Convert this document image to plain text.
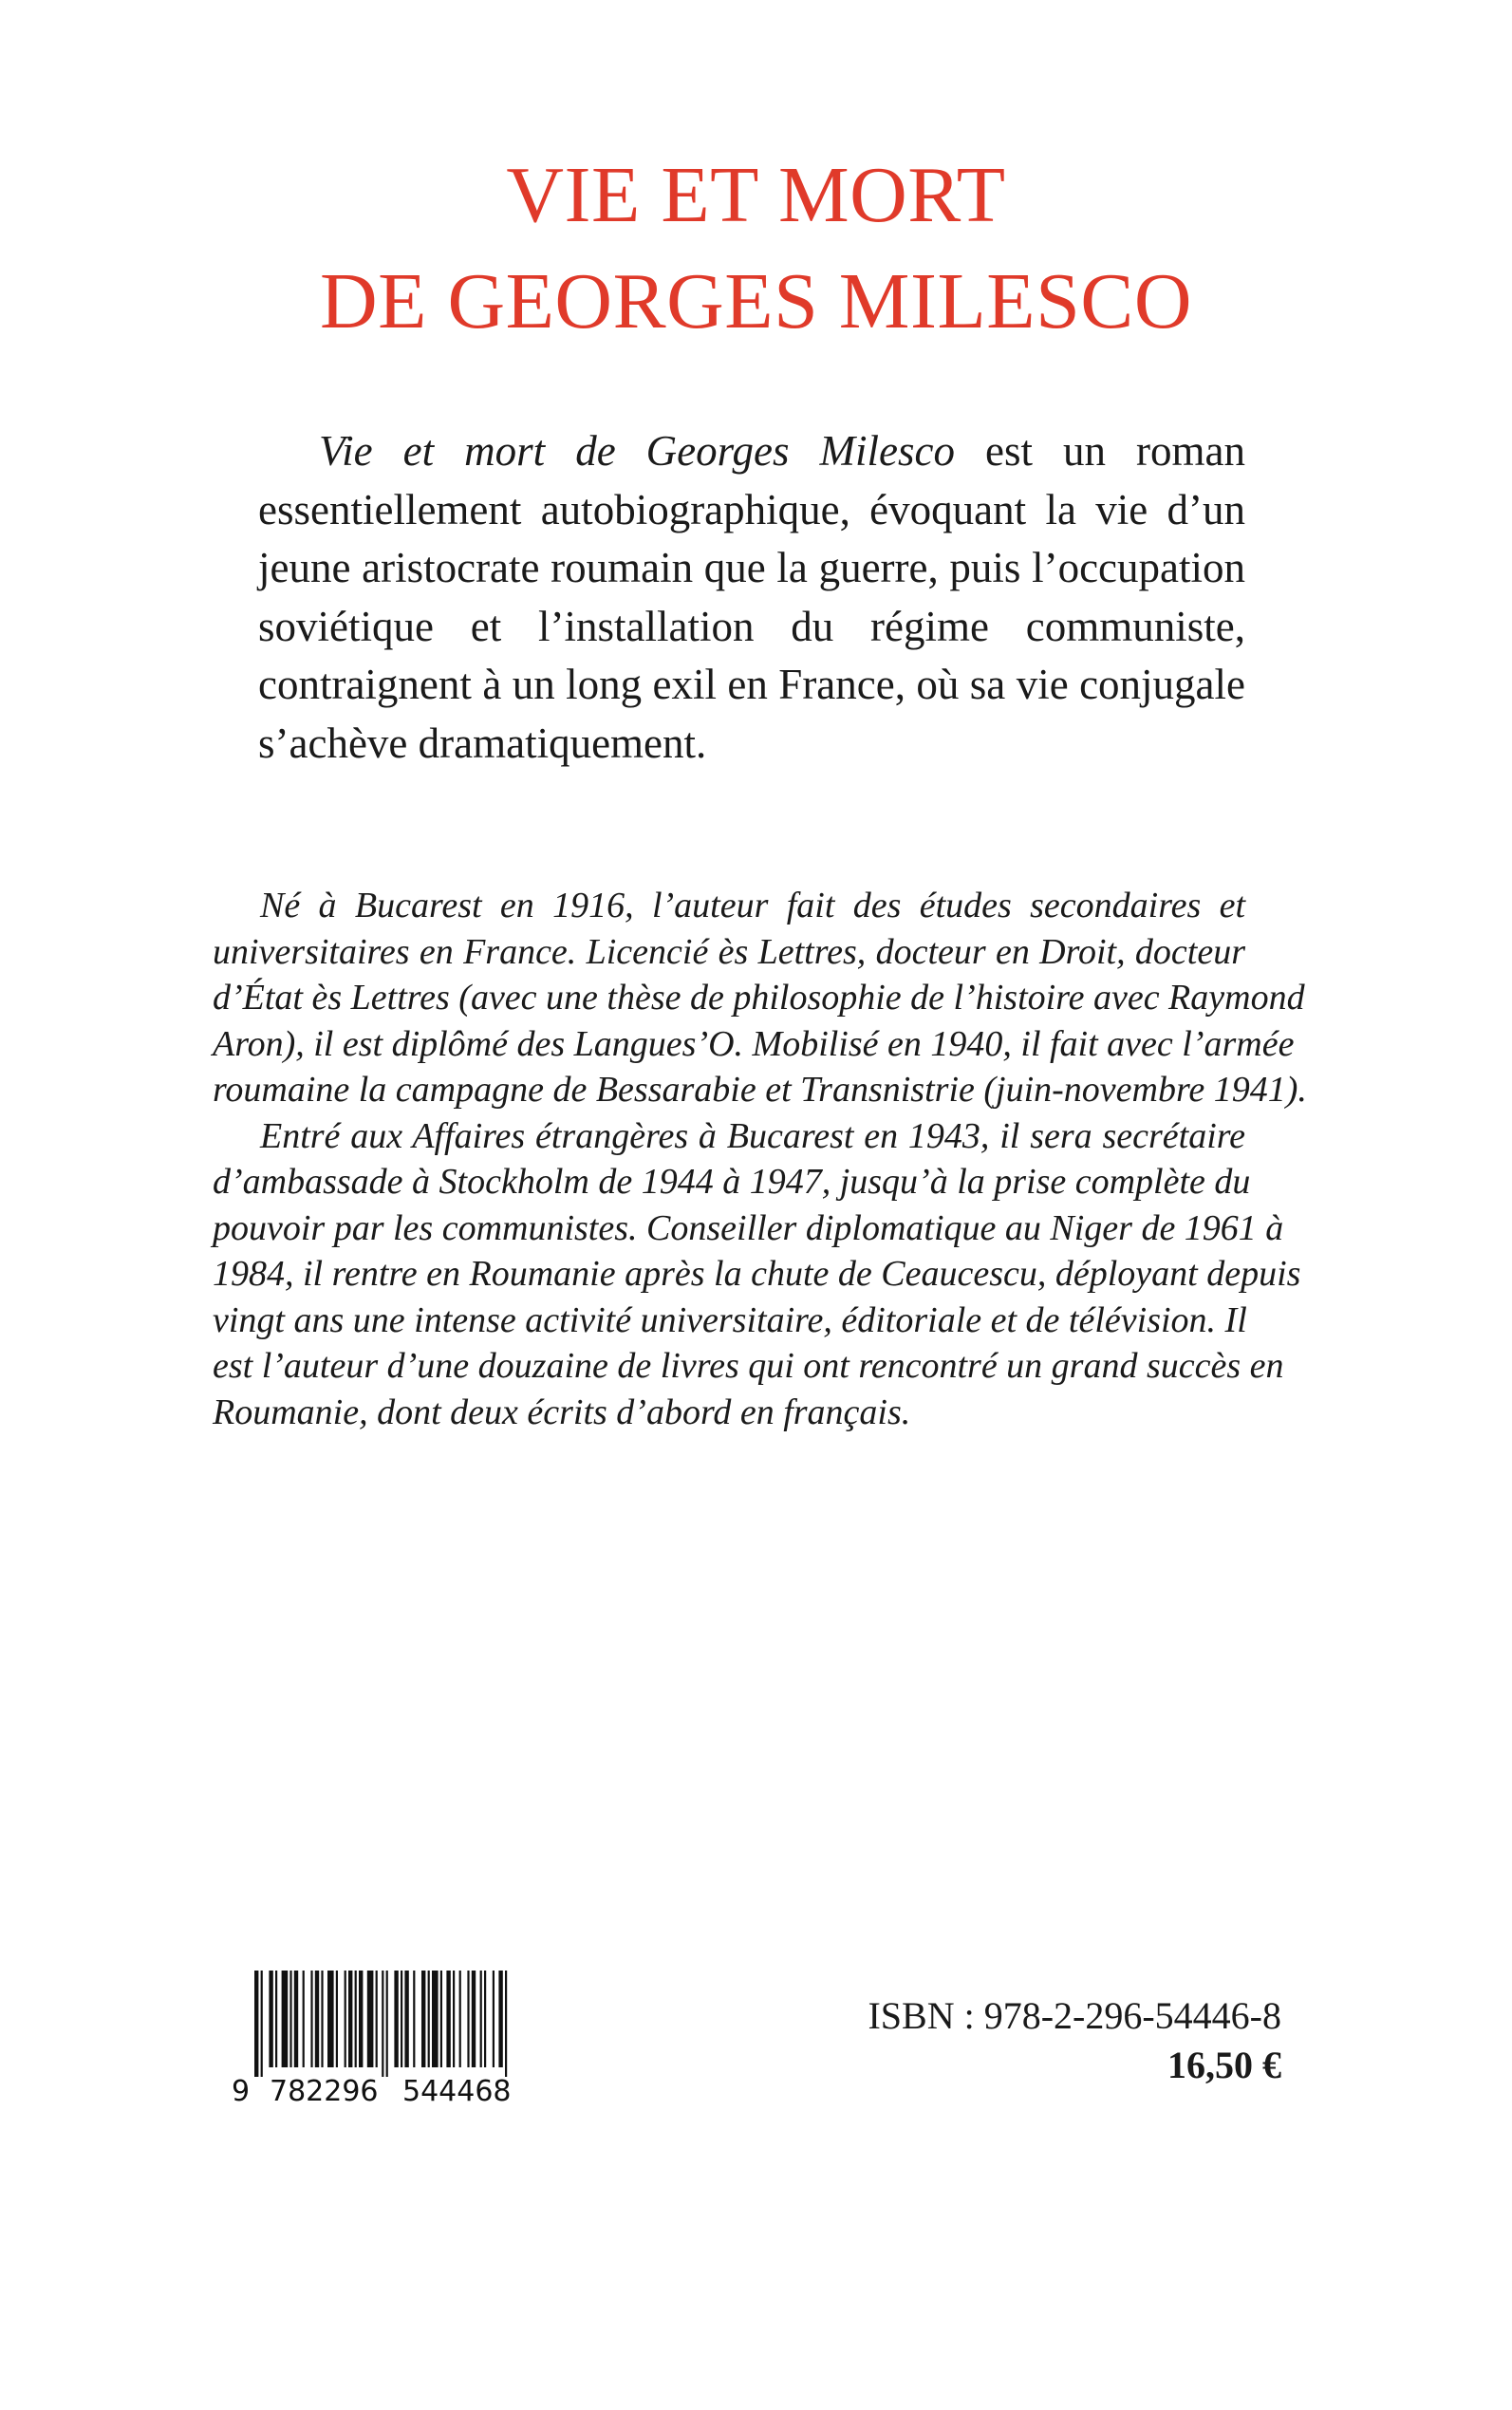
VIE ET MORT
DE GEORGES MILESCO
Vie et mort de Georges Milesco est un roman
essentiellement autobiographique, évoquant la vie d’un
jeune aristocrate roumain que la guerre, puis l’occupation
soviétique et l’installation du régime communiste,
contraignent à un long exil en France, où sa vie conjugale
s’achève dramatiquement.
Né à Bucarest en 1916, l’auteur fait des études secondaires et
universitaires en France. Licencié ès Lettres, docteur en Droit, docteur
d’État ès Lettres (avec une thèse de philosophie de l’histoire avec Raymond
Aron), il est diplômé des Langues’O. Mobilisé en 1940, il fait avec l’armée
roumaine la campagne de Bessarabie et Transnistrie (juin-novembre 1941).
Entré aux Affaires étrangères à Bucarest en 1943, il sera secrétaire
d’ambassade à Stockholm de 1944 à 1947, jusqu’à la prise complète du
pouvoir par les communistes. Conseiller diplomatique au Niger de 1961 à
1984, il rentre en Roumanie après la chute de Ceaucescu, déployant depuis
vingt ans une intense activité universitaire, éditoriale et de télévision. Il
est l’auteur d’une douzaine de livres qui ont rencontré un grand succès en
Roumanie, dont deux écrits d’abord en français.
9 782296 544468
ISBN : 978-2-296-54446-8
16,50 €
